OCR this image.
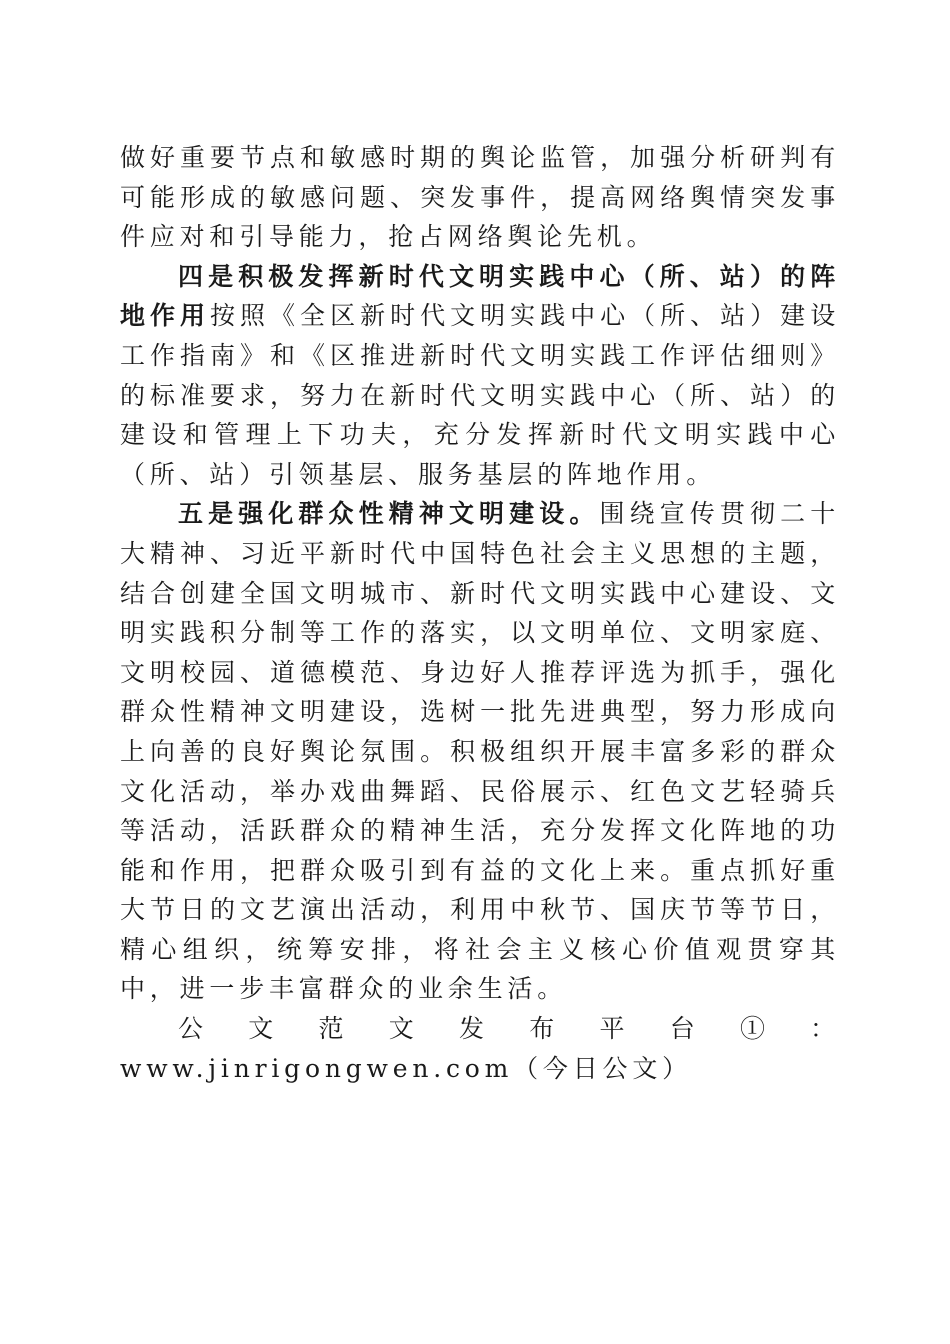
做好重要节点和敏感时期的舆论监管，加强分析研判有可能形成的敏感问题、突发事件，提高网络舆情突发事件应对和引导能力，抢占网络舆论先机。

四是积极发挥新时代文明实践中心（所、站）的阵地作用按照《全区新时代文明实践中心（所、站）建设工作指南》和《区推进新时代文明实践工作评估细则》的标准要求，努力在新时代文明实践中心（所、站）的建设和管理上下功夫，充分发挥新时代文明实践中心（所、站）引领基层、服务基层的阵地作用。

五是强化群众性精神文明建设。围绕宣传贯彻二十大精神、习近平新时代中国特色社会主义思想的主题，结合创建全国文明城市、新时代文明实践中心建设、文明实践积分制等工作的落实，以文明单位、文明家庭、文明校园、道德模范、身边好人推荐评选为抓手，强化群众性精神文明建设，选树一批先进典型，努力形成向上向善的良好舆论氛围。积极组织开展丰富多彩的群众文化活动，举办戏曲舞蹈、民俗展示、红色文艺轻骑兵等活动，活跃群众的精神生活，充分发挥文化阵地的功能和作用，把群众吸引到有益的文化上来。重点抓好重大节日的文艺演出活动，利用中秋节、国庆节等节日，精心组织，统筹安排，将社会主义核心价值观贯穿其中，进一步丰富群众的业余生活。

公文范文发布平台①：www.jinrigongwen.com（今日公文）
